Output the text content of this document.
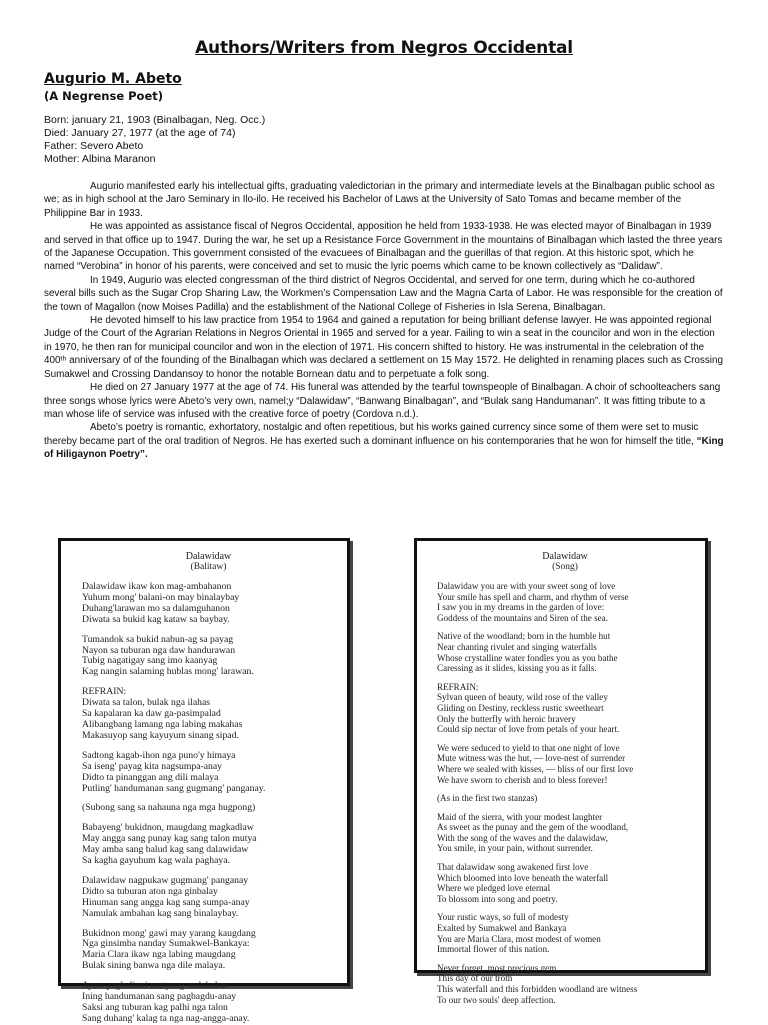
Authors/Writers from Negros Occidental
Augurio M. Abeto
(A Negrense Poet)
Born: january 21, 1903 (Binalbagan, Neg. Occ.)
Died: January 27, 1977 (at the age of 74)
Father: Severo Abeto
Mother: Albina Maranon

Augurio manifested early his intellectual gifts, graduating valedictorian in the primary and intermediate levels at the Binalbagan public school as we; as in high school at the Jaro Seminary in Ilo-ilo. He received his Bachelor of Laws at the University of Sato Tomas and became member of the Philippine Bar in 1933.

He was appointed as assistance fiscal of Negros Occidental, apposition he held from 1933-1938. He was elected mayor of Binalbagan in 1939 and served in that office up to 1947. During the war, he set up a Resistance Force Government in the mountains of Binalbagan which lasted the three years of the Japanese Occupation. This government consisted of the evacuees of Binalbagan and the guerillas of that region. At this historic spot, which he named “Verobina” in honor of his parents, were conceived and set to music the lyric poems which came to be known collectively as “Dalidaw”.

In 1949, Augurio was elected congressman of the third district of Negros Occidental, and served for one term, during which he co-authored several bills such as the Sugar Crop Sharing Law, the Workmen’s Compensation Law and the Magna Carta of Labor. He was responsible for the creation of the town of Magallon (now Moises Padilla) and the establishment of the National College of Fisheries in Isla Serena, Binalbagan.

He devoted himself to his law practice from 1954 to 1964 and gained a reputation for being brilliant defense lawyer. He was appointed regional Judge of the Court of the Agrarian Relations in Negros Oriental in 1965 and served for a year. Failing to win a seat in the councilor and won in the election in 1970, he then ran for municipal councilor and won in the election of 1971. His concern shifted to history. He was instrumental in the celebration of the 400ᵗʰ anniversary of of the founding of the Binalbagan which was declared a settlement on 15 May 1572. He delighted in renaming places such as Crossing Sumakwel and Crossing Dandansoy to honor the notable Bornean datu and to perpetuate a folk song.

He died on 27 January 1977 at the age of 74. His funeral was attended by the tearful townspeople of Binalbagan. A choir of schoolteachers sang three songs whose lyrics were Abeto’s very own, namel;y “Dalawidaw”, “Banwang Binalbagan”, and “Bulak sang Handumanan”. It was fitting tribute to a man whose life of service was infused with the creative force of poetry (Cordova n.d.).

Abeto’s poetry is romantic, exhortatory, nostalgic and often repetitious, but his works gained currency since some of them were set to music thereby became part of the oral tradition of Negros. He has exerted such a dominant influence on his contemporaries that he won for himself the title, “King of Hiligaynon Poetry”.

Dalawidaw
(Balitaw)
Dalawidaw ikaw kon mag-ambahanon
Yuhum mong' balani-on may binalaybay
Duhang'larawan mo sa dalamguhanon
Diwata sa bukid kag kataw sa baybay.
Tumandok sa bukid nabun-ag sa payag
Nayon sa tuburan nga daw handurawan
Tubig nagatigay sang imo kaanyag
Kag nangin salaming hublas mong' larawan.
REFRAIN:
Diwata sa talon, bulak nga ilahas
Sa kapalaran ka daw ga-pasimpalad
Alibangbang lamang nga labing makahas
Makasuyop sang kayuyum sinang sipad.
Sadtong kagab-ihon nga puno'y himaya
Sa iseng' payag kita nagsumpa-anay
Didto ta pinanggan ang dili malaya
Putling' handumanan sang gugmang' panganay.
(Subong sang sa nahauna nga mga hugpong)
Babayeng' bukidnon, maugdang magkadlaw
May angga sang punay kag sang talon mutya
May amba sang balud kag sang dalawidaw
Sa kagha gayuhum kag wala paghaya.
Dalawidaw nagpukaw gugmang' panganay
Didto sa tuburan aton nga ginbalay
Hinuman sang angga kag sang sumpa-anay
Namulak ambahan kag sang binalaybay.
Bukidnon mong' gawi may yarang kaugdang
Nga ginsimba nanday Sumakwel-Bankaya:
Maria Clara ikaw nga labing maugdang
Bulak sining banwa nga dile malaya.
Ayaw pagkalimti mutyang malahalon
Ining handumanan sang pagbagdu-anay
Saksi ang tuburan kag palhi nga talon
Sang duhang' kalag ta nga nag-angga-anay.
Dalawidaw
(Song)
Dalawidaw you are with your sweet song of love
Your smile has spell and charm, and rhythm of verse
I saw you in my dreams in the garden of love:
Goddess of the mountains and Siren of the sea.
Native of the woodland; born in the humble hut
Near chanting rivulet and singing waterfalls
Whose crystalline water fondles you as you bathe
Caressing as it slides, kissing you as it falls.
REFRAIN:
Sylvan queen of beauty, wild rose of the valley
Gliding on Destiny, reckless rustic sweetheart
Only the butterfly with heroic bravery
Could sip nectar of love from petals of your heart.
We were seduced to yield to that one night of love
Mute witness was the hut, — love-nest of surrender
Where we sealed with kisses, — bliss of our first love
We have sworn to cherish and to bless forever!
(As in the first two stanzas)
Maid of the sierra, with your modest laughter
As sweet as the punay and the gem of the woodland,
With the song of the waves and the dalawidaw,
You smile, in your pain, without surrender.
That dalawidaw song awakened first love
Which bloomed into love beneath the waterfall
Where we pledged love eternal
To blossom into song and poetry.
Your rustic ways, so full of modesty
Exalted by Sumakwel and Bankaya
You are Maria Clara, most modest of women
Immortal flower of this nation.
Never forget, most precious gem,
This day of our troth
This waterfall and this forbidden woodland are witness
To our two souls' deep affection.
